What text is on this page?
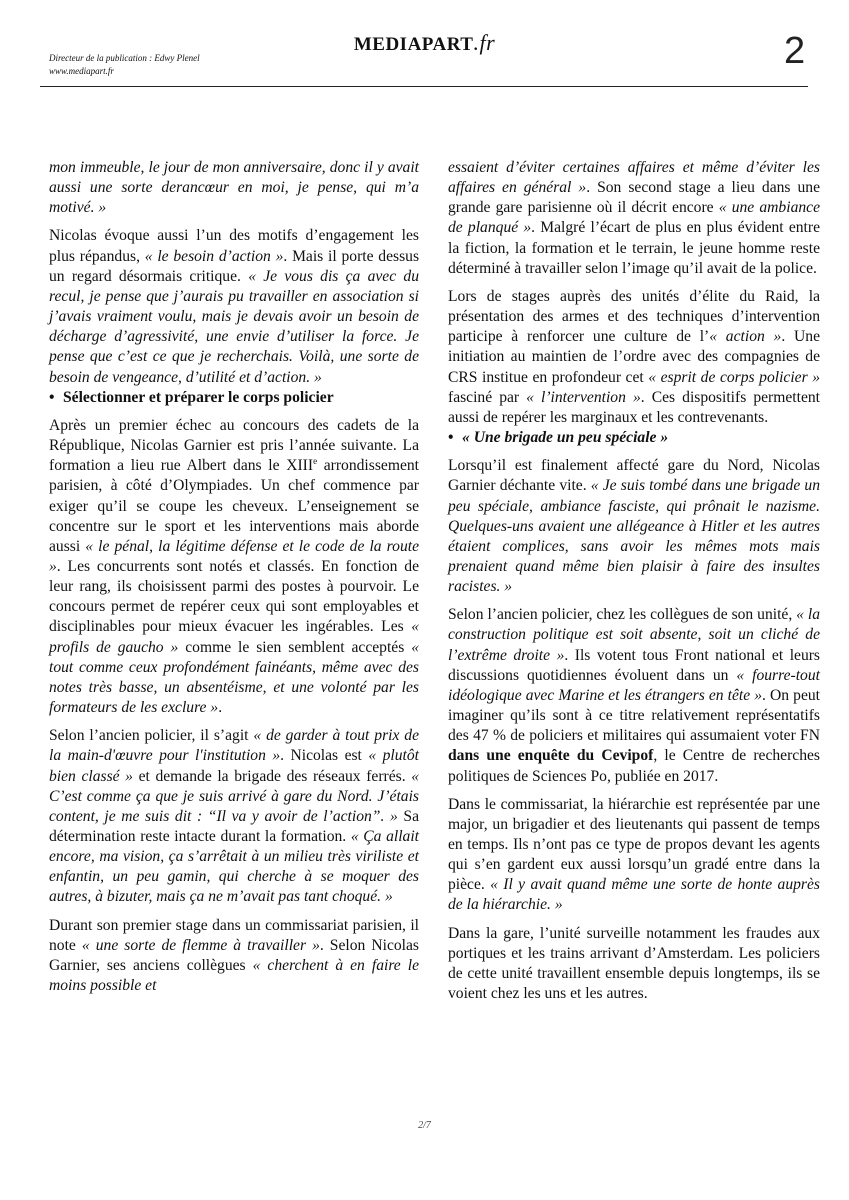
Directeur de la publication : Edwy Plenel
www.mediapart.fr
MEDIAPART.fr	2
mon immeuble, le jour de mon anniversaire, donc il y avait aussi une sorte derancœur en moi, je pense, qui m’a motivé. »
Nicolas évoque aussi l’un des motifs d’engagement les plus répandus, « le besoin d’action ». Mais il porte dessus un regard désormais critique. « Je vous dis ça avec du recul, je pense que j’aurais pu travailler en association si j’avais vraiment voulu, mais je devais avoir un besoin de décharge d’agressivité, une envie d’utiliser la force. Je pense que c’est ce que je recherchais. Voilà, une sorte de besoin de vengeance, d’utilité et d’action. »
• Sélectionner et préparer le corps policier
Après un premier échec au concours des cadets de la République, Nicolas Garnier est pris l’année suivante. La formation a lieu rue Albert dans le XIIIe arrondissement parisien, à côté d’Olympiades. Un chef commence par exiger qu’il se coupe les cheveux. L’enseignement se concentre sur le sport et les interventions mais aborde aussi « le pénal, la légitime défense et le code de la route ». Les concurrents sont notés et classés. En fonction de leur rang, ils choisissent parmi des postes à pourvoir. Le concours permet de repérer ceux qui sont employables et disciplinables pour mieux évacuer les ingérables. Les « profils de gaucho » comme le sien semblent acceptés « tout comme ceux profondément fainéants, même avec des notes très basse, un absentéisme, et une volonté par les formateurs de les exclure ».
Selon l’ancien policier, il s’agit « de garder à tout prix de la main-d'œuvre pour l'institution ». Nicolas est « plutôt bien classé » et demande la brigade des réseaux ferrés. « C’est comme ça que je suis arrivé à gare du Nord. J’étais content, je me suis dit : “Il va y avoir de l’action”. » Sa détermination reste intacte durant la formation. « Ça allait encore, ma vision, ça s’arrêtait à un milieu très viriliste et enfantin, un peu gamin, qui cherche à se moquer des autres, à bizuter, mais ça ne m’avait pas tant choqué. »
Durant son premier stage dans un commissariat parisien, il note « une sorte de flemme à travailler ». Selon Nicolas Garnier, ses anciens collègues « cherchent à en faire le moins possible et
essaient d’éviter certaines affaires et même d’éviter les affaires en général ». Son second stage a lieu dans une grande gare parisienne où il décrit encore « une ambiance de planqué ». Malgré l’écart de plus en plus évident entre la fiction, la formation et le terrain, le jeune homme reste déterminé à travailler selon l’image qu’il avait de la police.
Lors de stages auprès des unités d’élite du Raid, la présentation des armes et des techniques d’intervention participe à renforcer une culture de l’« action ». Une initiation au maintien de l’ordre avec des compagnies de CRS institue en profondeur cet « esprit de corps policier » fasciné par « l’intervention ». Ces dispositifs permettent aussi de repérer les marginaux et les contrevenants.
• « Une brigade un peu spéciale »
Lorsqu’il est finalement affecté gare du Nord, Nicolas Garnier déchante vite. « Je suis tombé dans une brigade un peu spéciale, ambiance fasciste, qui prônait le nazisme. Quelques-uns avaient une allégeance à Hitler et les autres étaient complices, sans avoir les mêmes mots mais prenaient quand même bien plaisir à faire des insultes racistes. »
Selon l’ancien policier, chez les collègues de son unité, « la construction politique est soit absente, soit un cliché de l’extrême droite ». Ils votent tous Front national et leurs discussions quotidiennes évoluent dans un « fourre-tout idéologique avec Marine et les étrangers en tête ». On peut imaginer qu’ils sont à ce titre relativement représentatifs des 47 % de policiers et militaires qui assumaient voter FN dans une enquête du Cevipof, le Centre de recherches politiques de Sciences Po, publiée en 2017.
Dans le commissariat, la hiérarchie est représentée par une major, un brigadier et des lieutenants qui passent de temps en temps. Ils n’ont pas ce type de propos devant les agents qui s’en gardent eux aussi lorsqu’un gradé entre dans la pièce. « Il y avait quand même une sorte de honte auprès de la hiérarchie. »
Dans la gare, l’unité surveille notamment les fraudes aux portiques et les trains arrivant d’Amsterdam. Les policiers de cette unité travaillent ensemble depuis longtemps, ils se voient chez les uns et les autres.
2/7
